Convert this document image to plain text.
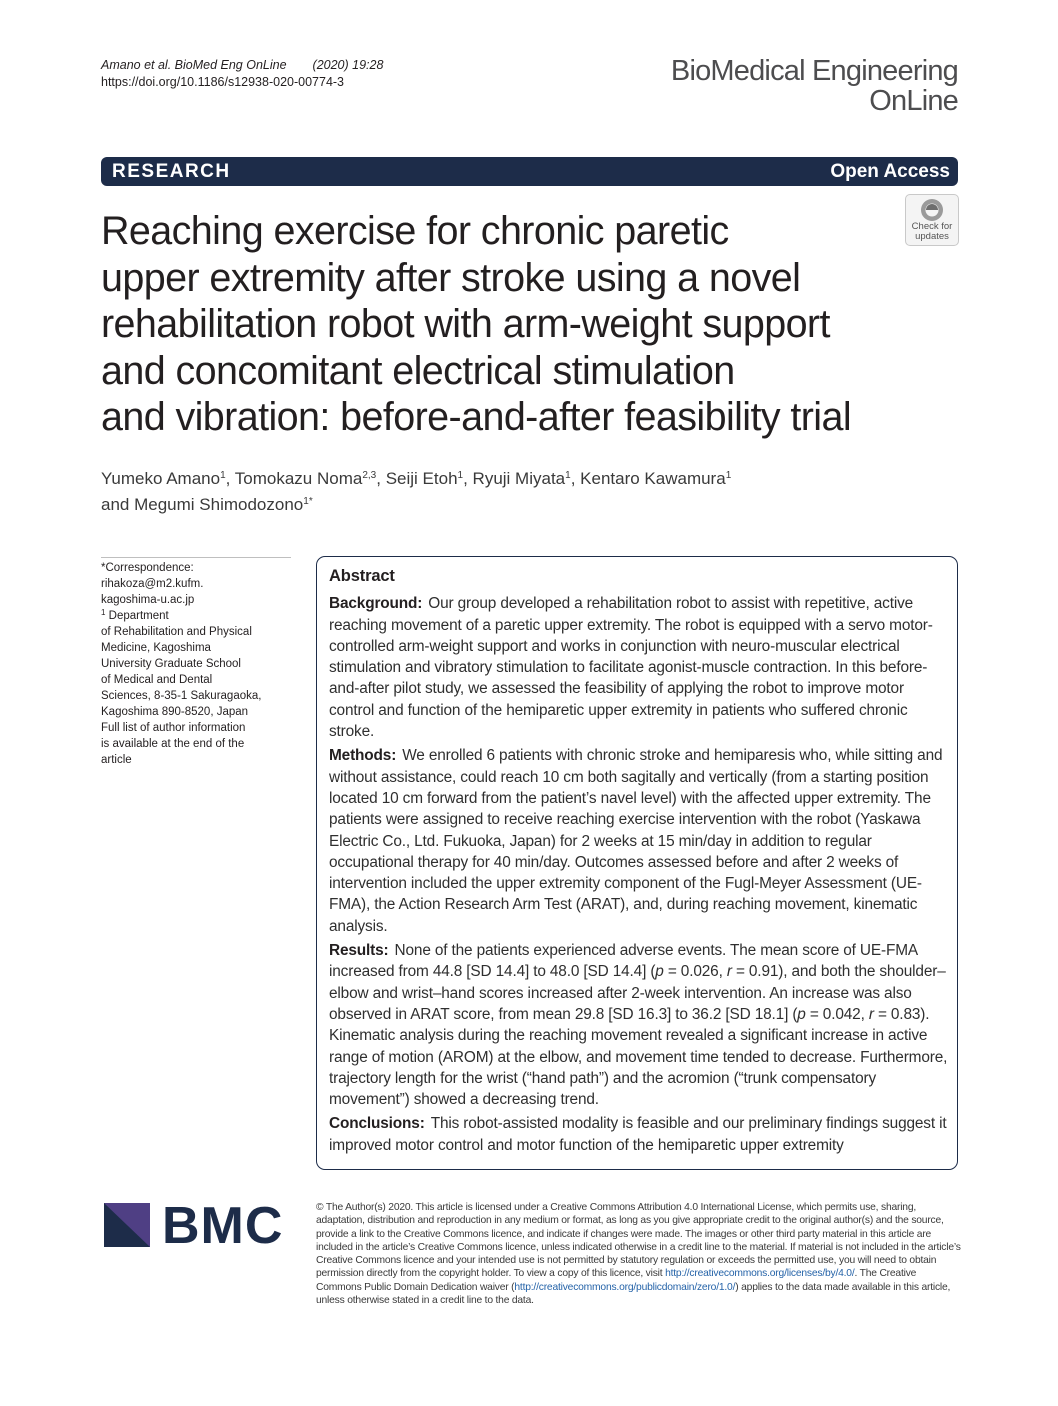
Amano et al. BioMed Eng OnLine (2020) 19:28
https://doi.org/10.1186/s12938-020-00774-3	BioMedical Engineering
OnLine
RESEARCH	Open Access
Check for
updates
Reaching exercise for chronic paretic
upper extremity after stroke using a novel
rehabilitation robot with arm-weight support
and concomitant electrical stimulation
and vibration: before-and-after feasibility trial
Yumeko Amano$^1$, Tomokazu Noma$^{2,3}$, Seiji Etoh$^1$, Ryuji Miyata$^1$, Kentaro Kawamura$^1$
and Megumi Shimodozono$^{1*}$

*Correspondence:

rihakoza@m2.kufm.

kagoshima-u.ac.jp

$^1$ Department

of Rehabilitation and Physical

Medicine, Kagoshima

University Graduate School

of Medical and Dental

Sciences, 8-35-1 Sakuragaoka,

Kagoshima 890-8520, Japan

Full list of author information

is available at the end of the

article

Abstract

Background: Our group developed a rehabilitation robot to assist with repetitive, active reaching movement of a paretic upper extremity. The robot is equipped with a servo motor-controlled arm-weight support and works in conjunction with neuro-muscular electrical stimulation and vibratory stimulation to facilitate agonist-muscle contraction. In this before-and-after pilot study, we assessed the feasibility of applying the robot to improve motor control and function of the hemiparetic upper extremity in patients who suffered chronic stroke.

Methods: We enrolled 6 patients with chronic stroke and hemiparesis who, while sitting and without assistance, could reach 10 cm both sagitally and vertically (from a starting position located 10 cm forward from the patient’s navel level) with the affected upper extremity. The patients were assigned to receive reaching exercise intervention with the robot (Yaskawa Electric Co., Ltd. Fukuoka, Japan) for 2 weeks at 15 min/day in addition to regular occupational therapy for 40 min/day. Outcomes assessed before and after 2 weeks of intervention included the upper extremity component of the Fugl-Meyer Assessment (UE-FMA), the Action Research Arm Test (ARAT), and, during reaching movement, kinematic analysis.

Results: None of the patients experienced adverse events. The mean score of UE-FMA increased from 44.8 [SD 14.4] to 48.0 [SD 14.4] (p = 0.026, r = 0.91), and both the shoulder–elbow and wrist–hand scores increased after 2-week intervention. An increase was also observed in ARAT score, from mean 29.8 [SD 16.3] to 36.2 [SD 18.1] (p = 0.042, r = 0.83). Kinematic analysis during the reaching movement revealed a significant increase in active range of motion (AROM) at the elbow, and movement time tended to decrease. Furthermore, trajectory length for the wrist (“hand path”) and the acromion (“trunk compensatory movement”) showed a decreasing trend.

Conclusions: This robot-assisted modality is feasible and our preliminary findings suggest it improved motor control and motor function of the hemiparetic upper extremity

BMC	© The Author(s) 2020. This article is licensed under a Creative Commons Attribution 4.0 International License, which permits use, sharing, adaptation, distribution and reproduction in any medium or format, as long as you give appropriate credit to the original author(s) and the source, provide a link to the Creative Commons licence, and indicate if changes were made. The images or other third party material in this article are included in the article’s Creative Commons licence, unless indicated otherwise in a credit line to the material. If material is not included in the article’s Creative Commons licence and your intended use is not permitted by statutory regulation or exceeds the permitted use, you will need to obtain permission directly from the copyright holder. To view a copy of this licence, visit http://creativecommons.org/licenses/by/4.0/. The Creative Commons Public Domain Dedication waiver (http://creativecommons.org/publicdomain/zero/1.0/) applies to the data made available in this article, unless otherwise stated in a credit line to the data.
